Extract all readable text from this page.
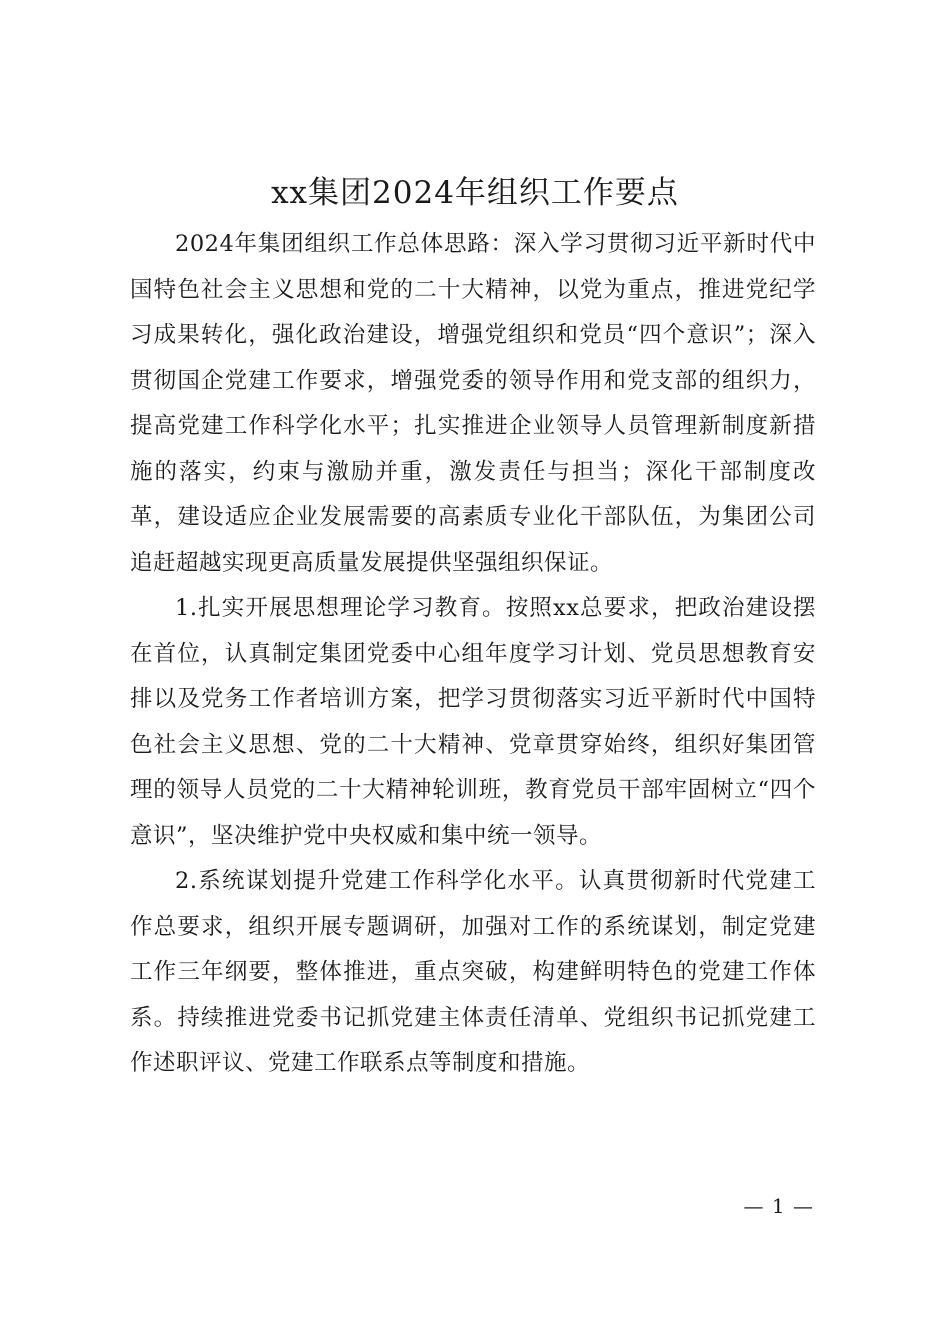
xx集团2024年组织工作要点

2024年集团组织工作总体思路：深入学习贯彻习近平新时代中国特色社会主义思想和党的二十大精神，以党为重点，推进党纪学习成果转化，强化政治建设，增强党组织和党员“四个意识”；深入贯彻国企党建工作要求，增强党委的领导作用和党支部的组织力，提高党建工作科学化水平；扎实推进企业领导人员管理新制度新措施的落实，约束与激励并重，激发责任与担当；深化干部制度改革，建设适应企业发展需要的高素质专业化干部队伍，为集团公司追赶超越实现更高质量发展提供坚强组织保证。

1.扎实开展思想理论学习教育。按照xx总要求，把政治建设摆在首位，认真制定集团党委中心组年度学习计划、党员思想教育安排以及党务工作者培训方案，把学习贯彻落实习近平新时代中国特色社会主义思想、党的二十大精神、党章贯穿始终，组织好集团管理的领导人员党的二十大精神轮训班，教育党员干部牢固树立“四个意识”，坚决维护党中央权威和集中统一领导。

2.系统谋划提升党建工作科学化水平。认真贯彻新时代党建工作总要求，组织开展专题调研，加强对工作的系统谋划，制定党建工作三年纲要，整体推进，重点突破，构建鲜明特色的党建工作体系。持续推进党委书记抓党建主体责任清单、党组织书记抓党建工作述职评议、党建工作联系点等制度和措施。

— 1 —
